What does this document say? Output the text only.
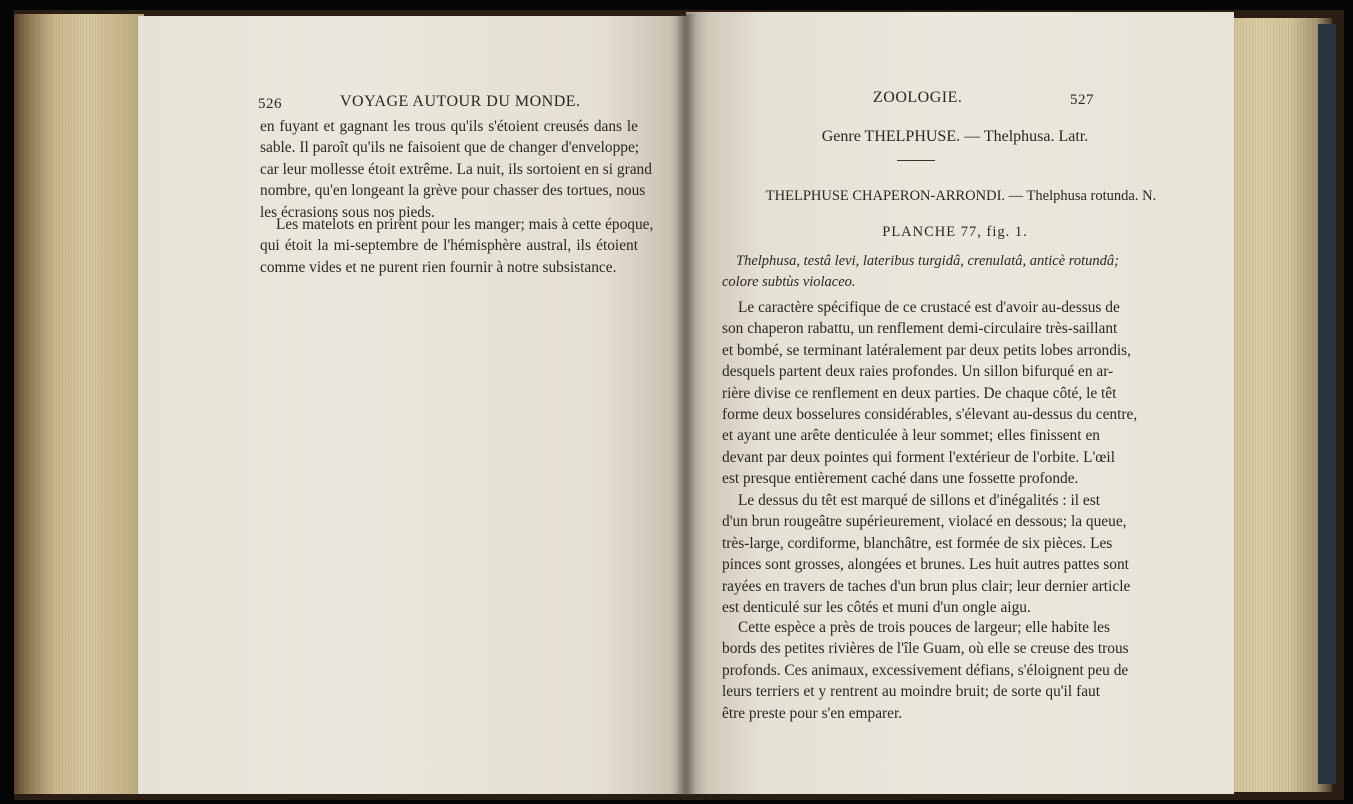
526	VOYAGE AUTOUR DU MONDE.
en fuyant et gagnant les trous qu'ils s'étoient creusés dans le
sable. Il paroît qu'ils ne faisoient que de changer d'enveloppe;
car leur mollesse étoit extrême. La nuit, ils sortoient en si grand
nombre, qu'en longeant la grève pour chasser des tortues, nous
les écrasions sous nos pieds.
Les matelots en prirent pour les manger; mais à cette époque,
qui étoit la mi-septembre de l'hémisphère austral, ils étoient
comme vides et ne purent rien fournir à notre subsistance.
ZOOLOGIE.	527
Genre THELPHUSE. — Thelphusa. Latr.
THELPHUSE CHAPERON-ARRONDI. — Thelphusa rotunda. N.
PLANCHE 77, fig. 1.
Thelphusa, testâ levi, lateribus turgidâ, crenulatâ, anticè rotundâ;
colore subtùs violaceo.
Le caractère spécifique de ce crustacé est d'avoir au-dessus de
son chaperon rabattu, un renflement demi-circulaire très-saillant
et bombé, se terminant latéralement par deux petits lobes arrondis,
desquels partent deux raies profondes. Un sillon bifurqué en ar-
rière divise ce renflement en deux parties. De chaque côté, le têt
forme deux bosselures considérables, s'élevant au-dessus du centre,
et ayant une arête denticulée à leur sommet; elles finissent en
devant par deux pointes qui forment l'extérieur de l'orbite. L'œil
est presque entièrement caché dans une fossette profonde.
Le dessus du têt est marqué de sillons et d'inégalités : il est
d'un brun rougeâtre supérieurement, violacé en dessous; la queue,
très-large, cordiforme, blanchâtre, est formée de six pièces. Les
pinces sont grosses, alongées et brunes. Les huit autres pattes sont
rayées en travers de taches d'un brun plus clair; leur dernier article
est denticulé sur les côtés et muni d'un ongle aigu.
Cette espèce a près de trois pouces de largeur; elle habite les
bords des petites rivières de l'île Guam, où elle se creuse des trous
profonds. Ces animaux, excessivement défians, s'éloignent peu de
leurs terriers et y rentrent au moindre bruit; de sorte qu'il faut
être preste pour s'en emparer.
